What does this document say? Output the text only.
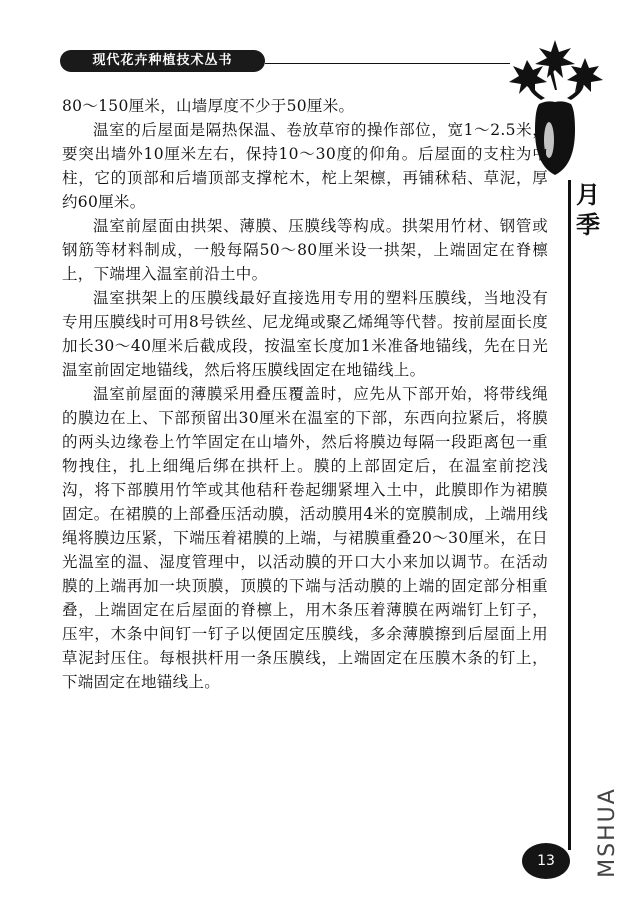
现代花卉种植技术丛书
月季

80～150厘米，山墙厚度不少于50厘米。

温室的后屋面是隔热保温、卷放草帘的操作部位，宽1～2.5米，要突出墙外10厘米左右，保持10～30度的仰角。后屋面的支柱为中柱，它的顶部和后墙顶部支撑柁木，柁上架檩，再铺秫秸、草泥，厚约60厘米。

温室前屋面由拱架、薄膜、压膜线等构成。拱架用竹材、钢管或钢筋等材料制成，一般每隔50～80厘米设一拱架，上端固定在脊檩上，下端埋入温室前沿土中。

温室拱架上的压膜线最好直接选用专用的塑料压膜线，当地没有专用压膜线时可用8号铁丝、尼龙绳或聚乙烯绳等代替。按前屋面长度加长30～40厘米后截成段，按温室长度加1米准备地锚线，先在日光温室前固定地锚线，然后将压膜线固定在地锚线上。

温室前屋面的薄膜采用叠压覆盖时，应先从下部开始，将带线绳的膜边在上、下部预留出30厘米在温室的下部，东西向拉紧后，将膜的两头边缘卷上竹竿固定在山墙外，然后将膜边每隔一段距离包一重物拽住，扎上细绳后绑在拱杆上。膜的上部固定后，在温室前挖浅沟，将下部膜用竹竿或其他秸秆卷起绷紧埋入土中，此膜即作为裙膜固定。在裙膜的上部叠压活动膜，活动膜用4米的宽膜制成，上端用线绳将膜边压紧，下端压着裙膜的上端，与裙膜重叠20～30厘米，在日光温室的温、湿度管理中，以活动膜的开口大小来加以调节。在活动膜的上端再加一块顶膜，顶膜的下端与活动膜的上端的固定部分相重叠，上端固定在后屋面的脊檩上，用木条压着薄膜在两端钉上钉子，压牢，木条中间钉一钉子以便固定压膜线，多余薄膜擦到后屋面上用草泥封压住。每根拱杆用一条压膜线，上端固定在压膜木条的钉上，下端固定在地锚线上。

13	MSHUA
